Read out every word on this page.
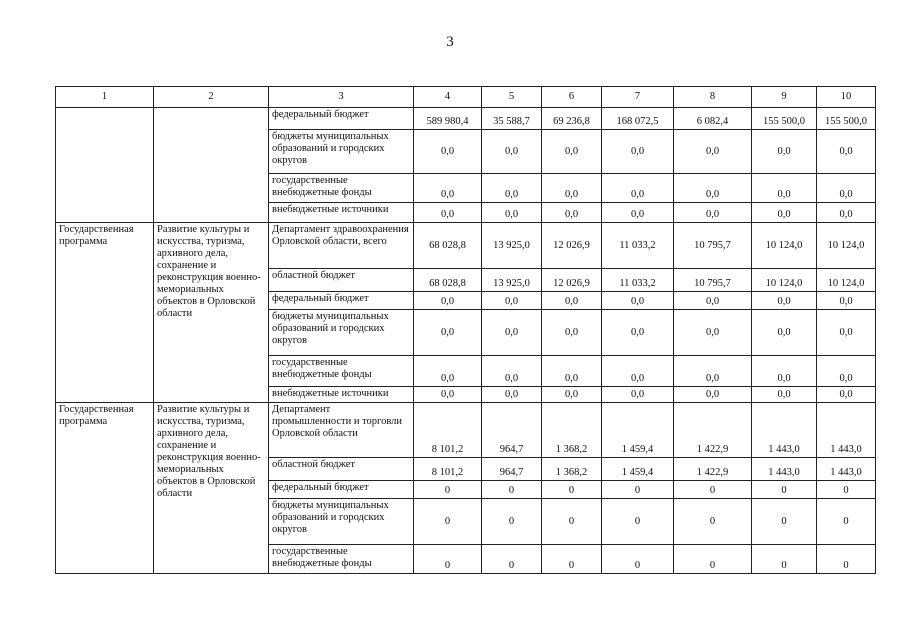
3
1	2	3	4	5	6	7	8	9	10
		федеральный бюджет	589 980,4	35 588,7	69 236,8	168 072,5	6 082,4	155 500,0	155 500,0
		бюджеты муниципальных образований и городских округов	0,0	0,0	0,0	0,0	0,0	0,0	0,0
		государственные внебюджетные фонды	0,0	0,0	0,0	0,0	0,0	0,0	0,0
		внебюджетные источники	0,0	0,0	0,0	0,0	0,0	0,0	0,0
Государственная программа	Развитие культуры и искусства, туризма, архивного дела, сохранение и реконструкция военно-мемориальных объектов в Орловской области	Департамент здравоохранения Орловской области, всего	68 028,8	13 925,0	12 026,9	11 033,2	10 795,7	10 124,0	10 124,0
		областной бюджет	68 028,8	13 925,0	12 026,9	11 033,2	10 795,7	10 124,0	10 124,0
		федеральный бюджет	0,0	0,0	0,0	0,0	0,0	0,0	0,0
		бюджеты муниципальных образований и городских округов	0,0	0,0	0,0	0,0	0,0	0,0	0,0
		государственные внебюджетные фонды	0,0	0,0	0,0	0,0	0,0	0,0	0,0
		внебюджетные источники	0,0	0,0	0,0	0,0	0,0	0,0	0,0
Государственная программа	Развитие культуры и искусства, туризма, архивного дела, сохранение и реконструкция военно-мемориальных объектов в Орловской области	Департамент промышленности и торговли Орловской области	8 101,2	964,7	1 368,2	1 459,4	1 422,9	1 443,0	1 443,0
		областной бюджет	8 101,2	964,7	1 368,2	1 459,4	1 422,9	1 443,0	1 443,0
		федеральный бюджет	0	0	0	0	0	0	0
		бюджеты муниципальных образований и городских округов	0	0	0	0	0	0	0
		государственные внебюджетные фонды	0	0	0	0	0	0	0
